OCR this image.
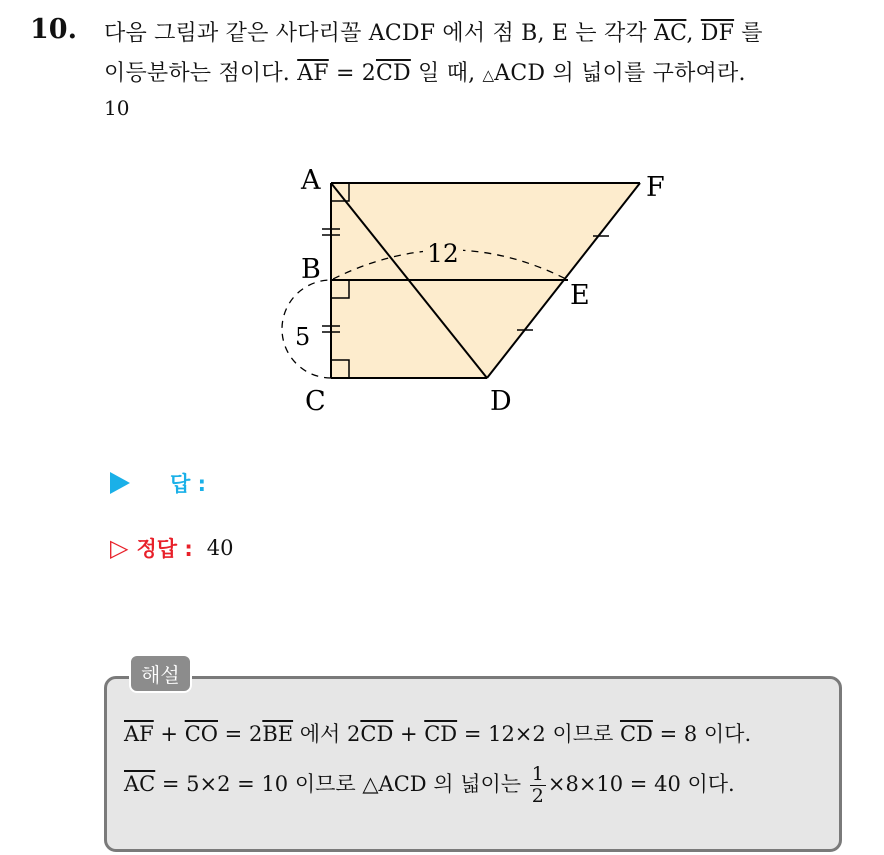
10. 다음 그림과 같은 사다리꼴 ACDF 에서 점 B, E 는 각각 $\overline{AC}$, $\overline{DF}$ 를
이등분하는 점이다. $\overline{AF} = 2\overline{CD}$ 일 때, △ACD 의 넓이를 구하여라.
10
A	F
B
E
C	D
12
5
답 :
▷ 정답 : 40
해설
$\overline{AF} + \overline{CO} = 2\overline{BE}$ 에서 $2\overline{CD} + \overline{CD} = 12\times 2$ 이므로 $\overline{CD} = 8$ 이다.
$\overline{AC} = 5\times 2 = 10$ 이므로 △ACD 의 넓이는 $\frac{1}{2} \times 8\times 10 = 40$ 이다.
